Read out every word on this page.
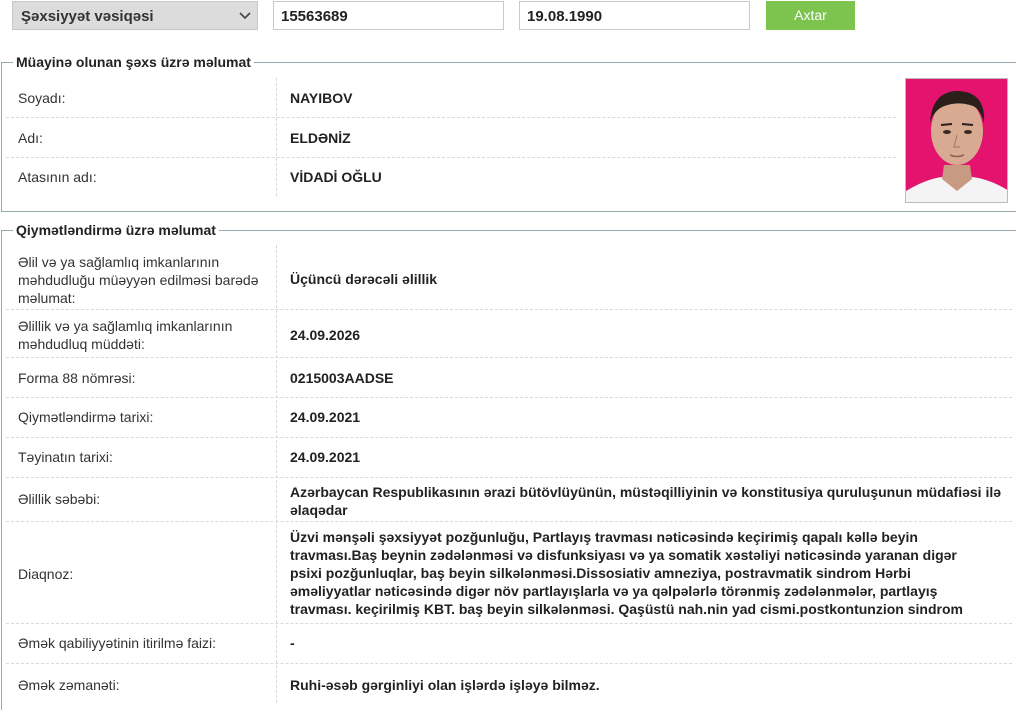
Şəxsiyyət vəsiqəsi	15563689	19.08.1990	Axtar
Müayinə olunan şəxs üzrə məlumat
Soyadı:	NAYIBOV
Adı:	ELDƏNİZ
Atasının adı:	VİDADİ OĞLU
Qiymətləndirmə üzrə məlumat
Əlil və ya sağlamlıq imkanlarının məhdudluğu müəyyən edilməsi barədə məlumat:
Üçüncü dərəcəli əlillik
Əlillik və ya sağlamlıq imkanlarının məhdudluq müddəti:
24.09.2026
Forma 88 nömrəsi:	0215003AADSE
Qiymətləndirmə tarixi:	24.09.2021
Təyinatın tarixi:	24.09.2021
Əlillik səbəbi:	Azərbaycan Respublikasının ərazi bütövlüyünün, müstəqilliyinin və konstitusiya quruluşunun müdafiəsi ilə əlaqədar
Diaqnoz:
Üzvi mənşəli şəxsiyyət pozğunluğu, Partlayış travması nəticəsində keçirimiş qapalı kəllə beyin travması.Baş beynin zədələnməsi və disfunksiyası və ya somatik xəstəliyi nəticəsində yaranan digər psixi pozğunluqlar, baş beyin silkələnməsi.Dissosiativ amneziya, postravmatik sindrom Hərbi əməliyyatlar nəticəsində digər növ partlayışlarla və ya qəlpələrlə törənmiş zədələnmələr, partlayış travması. keçirilmiş KBT. baş beyin silkələnməsi. Qaşüstü nah.nin yad cismi.postkontunzion sindrom
Əmək qabiliyyətinin itirilmə faizi:	-
Əmək zəmanəti:	Ruhi-əsəb gərginliyi olan işlərdə işləyə bilməz.
